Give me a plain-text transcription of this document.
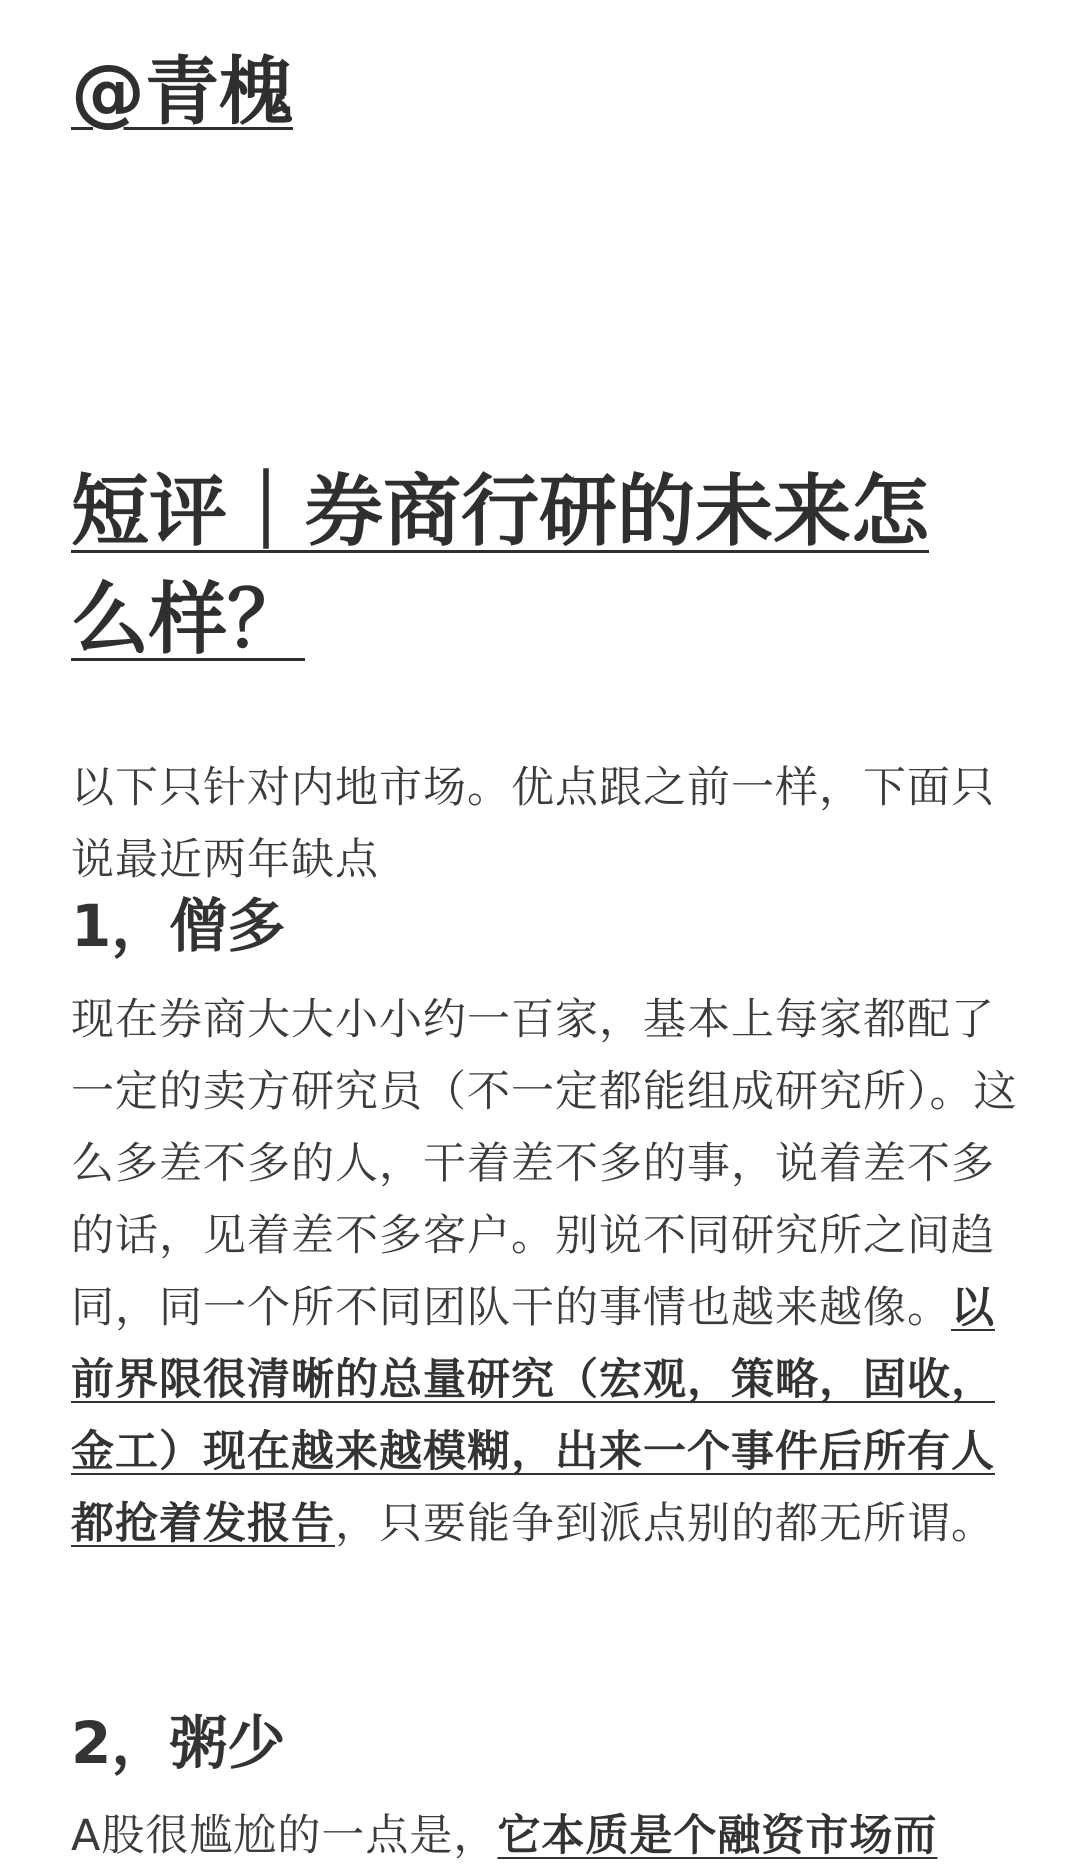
@青槐
短评｜券商行研的未来怎么样？
以下只针对内地市场。优点跟之前一样，下面只说最近两年缺点
1，僧多
现在券商大大小小约一百家，基本上每家都配了一定的卖方研究员（不一定都能组成研究所）。这么多差不多的人，干着差不多的事，说着差不多的话，见着差不多客户。别说不同研究所之间趋同，同一个所不同团队干的事情也越来越像。以前界限很清晰的总量研究（宏观，策略，固收，金工）现在越来越模糊，出来一个事件后所有人都抢着发报告，只要能争到派点别的都无所谓。
2，粥少
A股很尴尬的一点是，它本质是个融资市场而
